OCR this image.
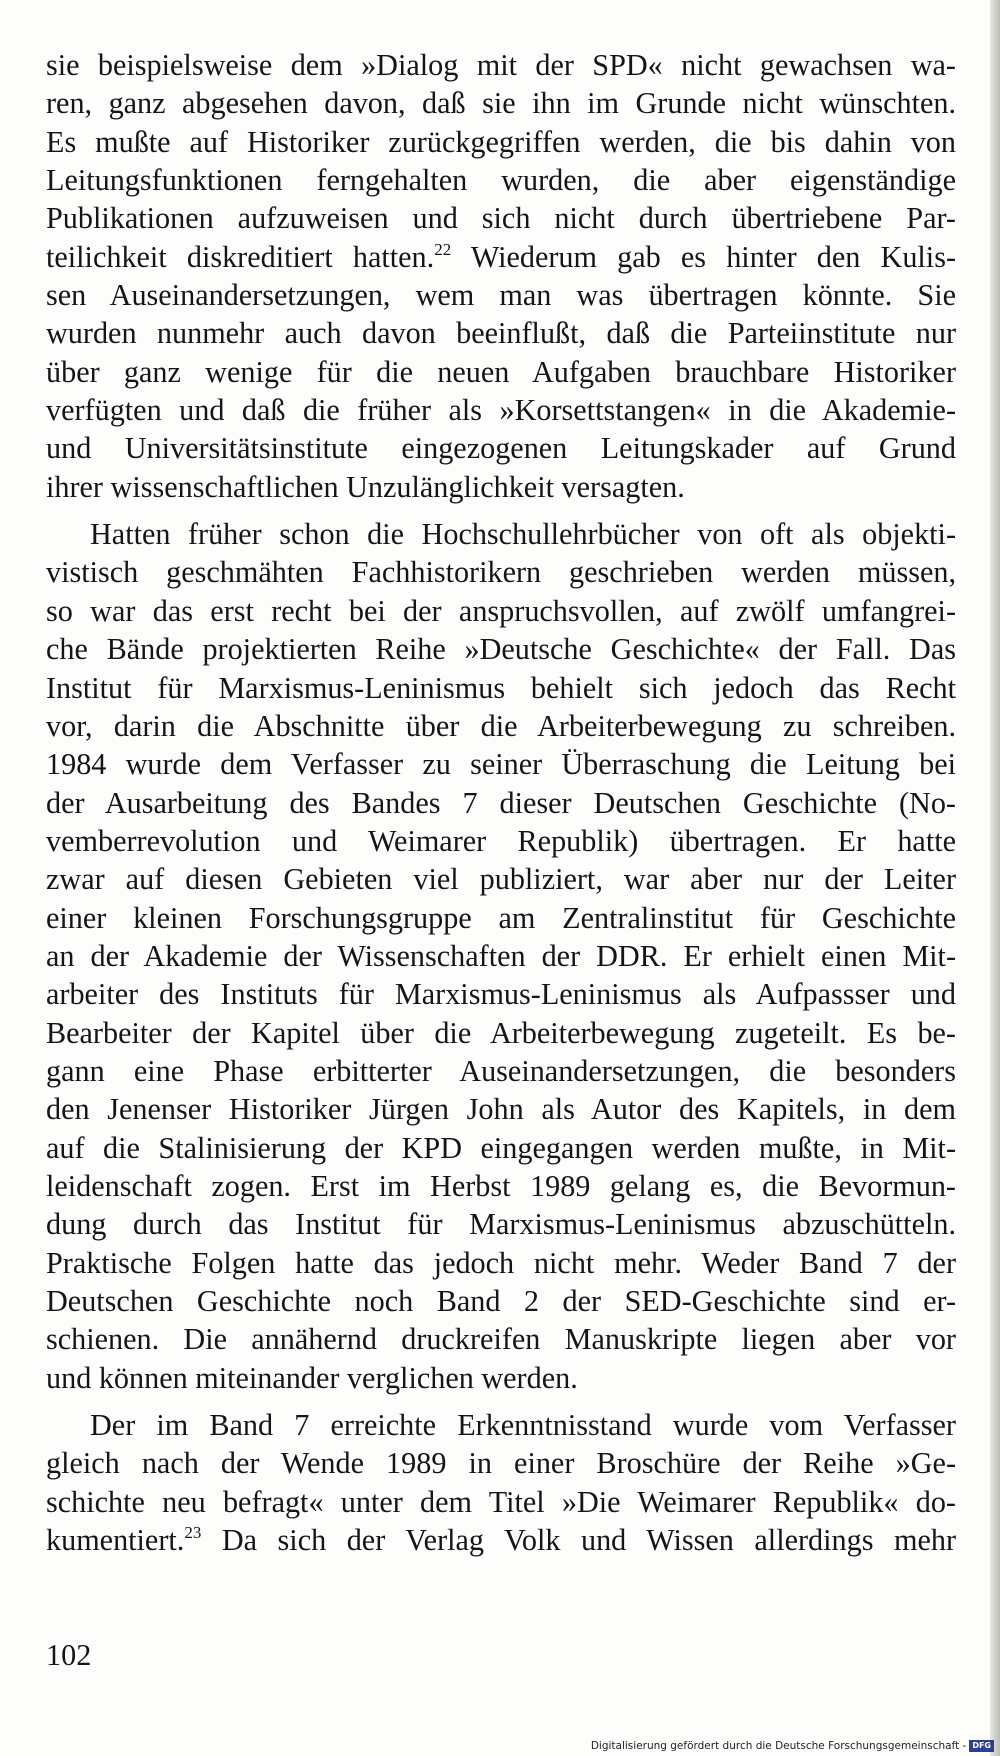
sie beispielsweise dem »Dialog mit der SPD« nicht gewachsen wa-
ren, ganz abgesehen davon, daß sie ihn im Grunde nicht wünschten.
Es mußte auf Historiker zurückgegriffen werden, die bis dahin von
Leitungsfunktionen ferngehalten wurden, die aber eigenständige
Publikationen aufzuweisen und sich nicht durch übertriebene Par-
teilichkeit diskreditiert hatten.$^{22}$ Wiederum gab es hinter den Kulis-
sen Auseinandersetzungen, wem man was übertragen könnte. Sie
wurden nunmehr auch davon beeinflußt, daß die Parteiinstitute nur
über ganz wenige für die neuen Aufgaben brauchbare Historiker
verfügten und daß die früher als »Korsettstangen« in die Akademie-
und Universitätsinstitute eingezogenen Leitungskader auf Grund
ihrer wissenschaftlichen Unzulänglichkeit versagten.

Hatten früher schon die Hochschullehrbücher von oft als objekti-
vistisch geschmähten Fachhistorikern geschrieben werden müssen,
so war das erst recht bei der anspruchsvollen, auf zwölf umfangrei-
che Bände projektierten Reihe »Deutsche Geschichte« der Fall. Das
Institut für Marxismus-Leninismus behielt sich jedoch das Recht
vor, darin die Abschnitte über die Arbeiterbewegung zu schreiben.
1984 wurde dem Verfasser zu seiner Überraschung die Leitung bei
der Ausarbeitung des Bandes 7 dieser Deutschen Geschichte (No-
vemberrevolution und Weimarer Republik) übertragen. Er hatte
zwar auf diesen Gebieten viel publiziert, war aber nur der Leiter
einer kleinen Forschungsgruppe am Zentralinstitut für Geschichte
an der Akademie der Wissenschaften der DDR. Er erhielt einen Mit-
arbeiter des Instituts für Marxismus-Leninismus als Aufpassser und
Bearbeiter der Kapitel über die Arbeiterbewegung zugeteilt. Es be-
gann eine Phase erbitterter Auseinandersetzungen, die besonders
den Jenenser Historiker Jürgen John als Autor des Kapitels, in dem
auf die Stalinisierung der KPD eingegangen werden mußte, in Mit-
leidenschaft zogen. Erst im Herbst 1989 gelang es, die Bevormun-
dung durch das Institut für Marxismus-Leninismus abzuschütteln.
Praktische Folgen hatte das jedoch nicht mehr. Weder Band 7 der
Deutschen Geschichte noch Band 2 der SED-Geschichte sind er-
schienen. Die annähernd druckreifen Manuskripte liegen aber vor
und können miteinander verglichen werden.

Der im Band 7 erreichte Erkenntnisstand wurde vom Verfasser
gleich nach der Wende 1989 in einer Broschüre der Reihe »Ge-
schichte neu befragt« unter dem Titel »Die Weimarer Republik« do-
kumentiert.$^{23}$ Da sich der Verlag Volk und Wissen allerdings mehr

102
Digitalisierung gefördert durch die Deutsche Forschungsgemeinschaft - DFG
